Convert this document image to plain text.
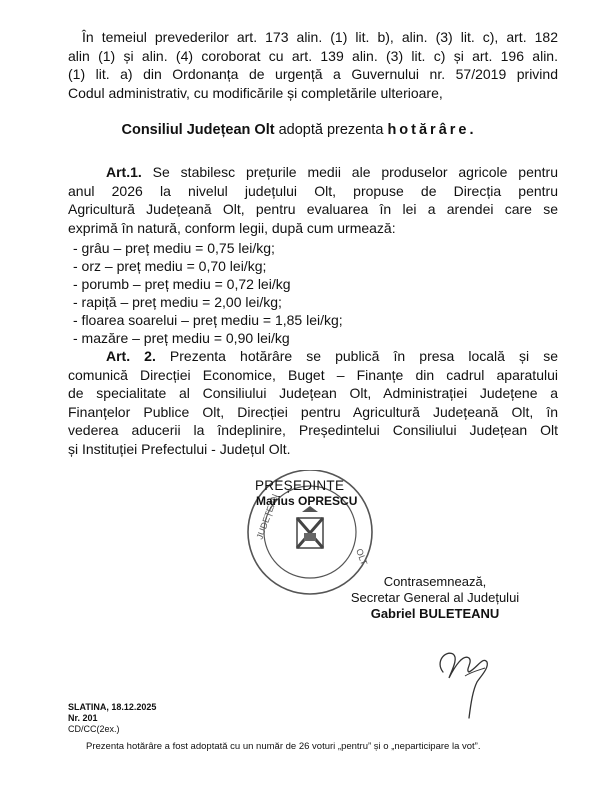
În temeiul prevederilor art. 173 alin. (1) lit. b), alin. (3) lit. c), art. 182
alin (1) și alin. (4) coroborat cu art. 139 alin. (3) lit. c) și art. 196 alin.
(1) lit. a) din Ordonanța de urgență a Guvernului nr. 57/2019 privind
Codul administrativ, cu modificările și completările ulterioare,
Consiliul Județean Olt adoptă prezenta hotărâre.
Art.1. Se stabilesc prețurile medii ale produselor agricole pentru
anul 2026 la nivelul județului Olt, propuse de Direcția pentru
Agricultură Județeană Olt, pentru evaluarea în lei a arendei care se
exprimă în natură, conform legii, după cum urmează:
- grâu – preț mediu = 0,75 lei/kg;
- orz – preț mediu = 0,70 lei/kg;
- porumb – preț mediu = 0,72 lei/kg
- rapiță – preț mediu = 2,00 lei/kg;
- floarea soarelui – preț mediu = 1,85 lei/kg;
- mazăre – preț mediu = 0,90 lei/kg
Art. 2. Prezenta hotărâre se publică în presa locală și se
comunică Direcției Economice, Buget – Finanțe din cadrul aparatului
de specialitate al Consiliului Județean Olt, Administrației Județene a
Finanțelor Publice Olt, Direcției pentru Agricultură Județeană Olt, în
vederea aducerii la îndeplinire, Președintelui Consiliului Județean Olt
și Instituției Prefectului - Județul Olt.
JUDEȚEAN
OLT
PREȘEDINTE
Marius OPRESCU
Contrasemnează,
Secretar General al Județului
Gabriel BULETEANU
SLATINA, 18.12.2025
Nr. 201
CD/CC(2ex.)
Prezenta hotărâre a fost adoptată cu un număr de 26 voturi „pentru” și o „neparticipare la vot”.
